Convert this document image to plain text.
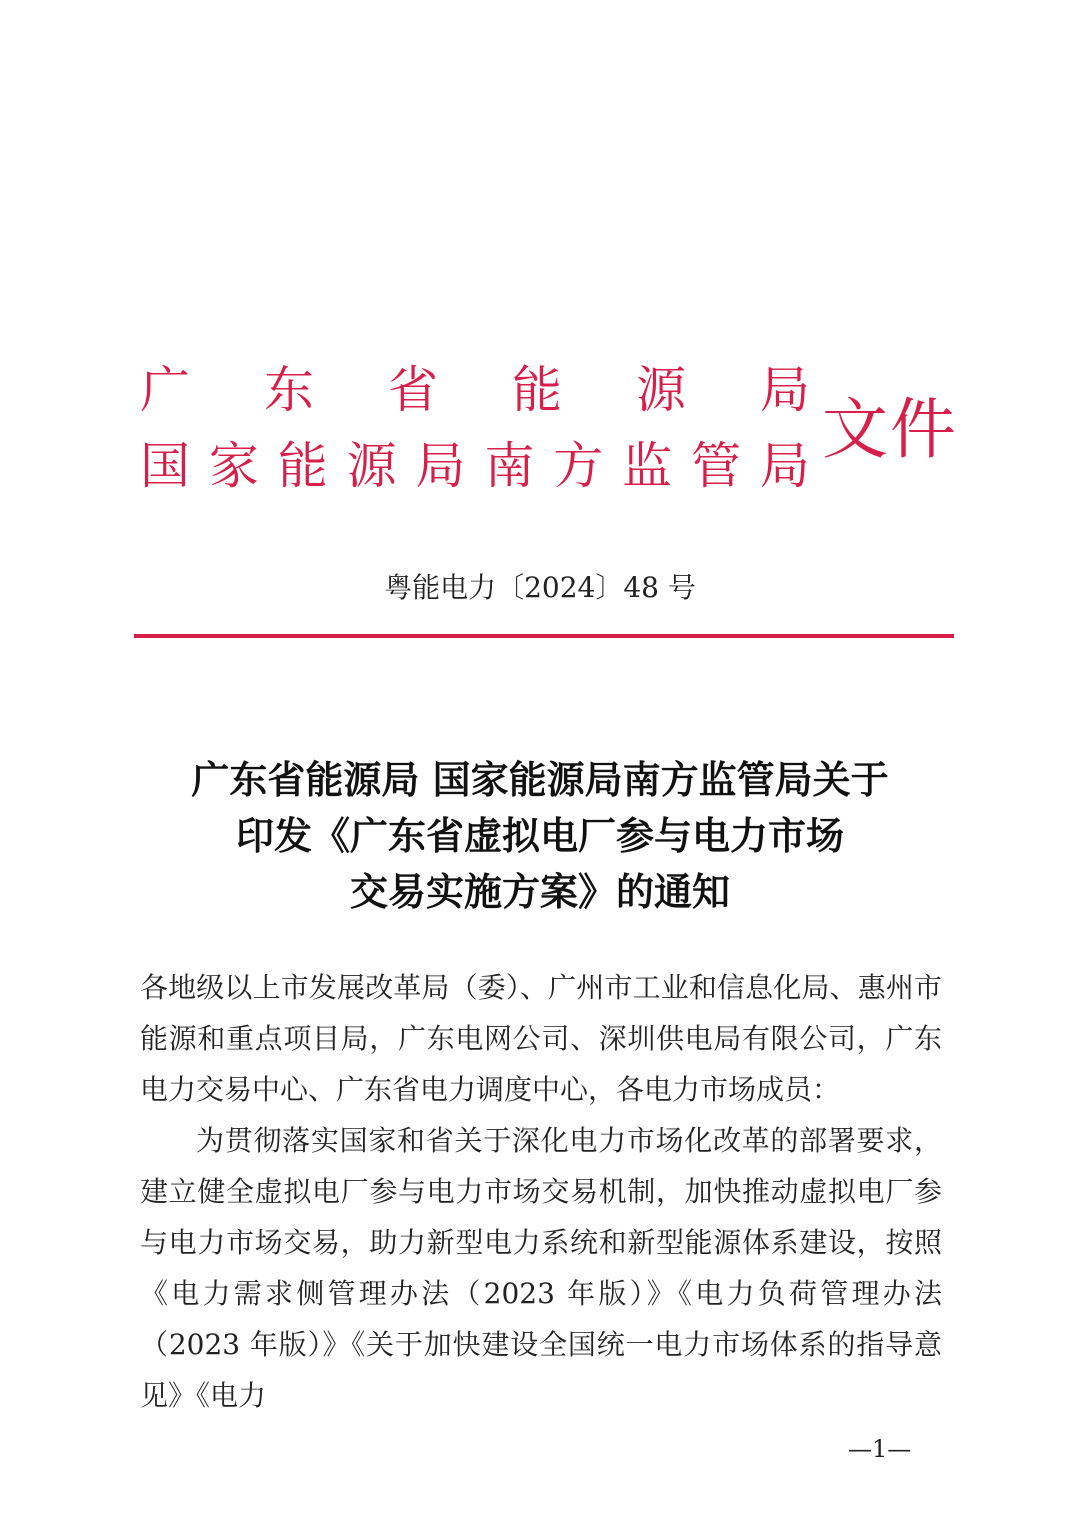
广 东 省 能 源 局
国 家 能 源 局 南 方 监 管 局 文件
粤能电力〔2024〕48 号
广东省能源局 国家能源局南方监管局关于
印发《广东省虚拟电厂参与电力市场
交易实施方案》的通知

各地级以上市发展改革局（委）、广州市工业和信息化局、惠州市能源和重点项目局，广东电网公司、深圳供电局有限公司，广东电力交易中心、广东省电力调度中心，各电力市场成员：

为贯彻落实国家和省关于深化电力市场化改革的部署要求，建立健全虚拟电厂参与电力市场交易机制，加快推动虚拟电厂参与电力市场交易，助力新型电力系统和新型能源体系建设，按照《电力需求侧管理办法（2023 年版）》《电力负荷管理办法（2023 年版）》《关于加快建设全国统一电力市场体系的指导意见》《电力

—1—
